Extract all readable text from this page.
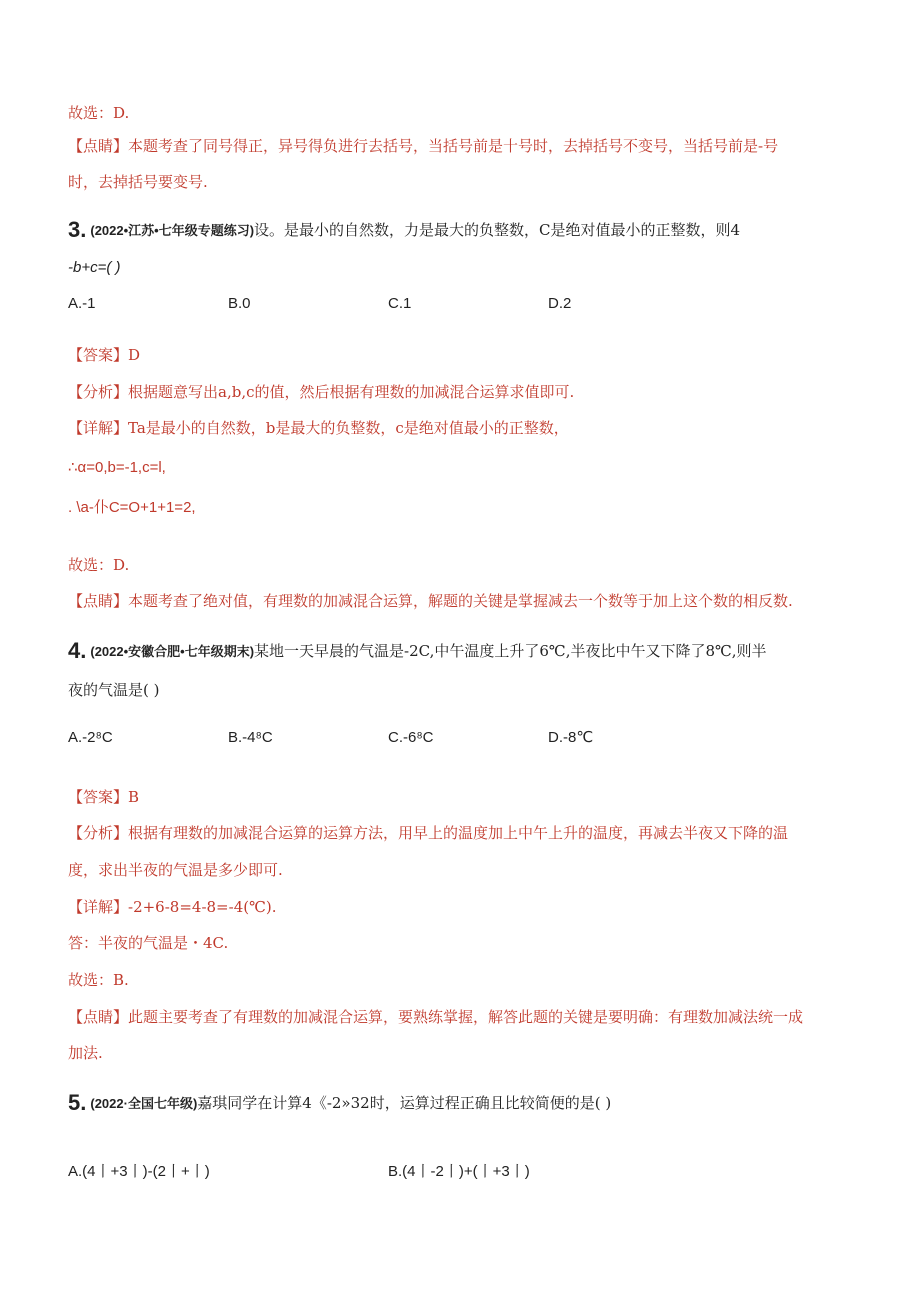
故选：D.
【点睛】本题考查了同号得正，异号得负进行去括号，当括号前是十号时，去掉括号不变号，当括号前是-号
时，去掉括号要变号.
3. (2022•江苏•七年级专题练习)设。是最小的自然数，力是最大的负整数，C是绝对值最小的正整数，则4
-b+c=( )
A.-1	B.0	C.1	D.2
【答案】D
【分析】根据题意写出a,b,c的值，然后根据有理数的加减混合运算求值即可.
【详解】Ta是最小的自然数，b是最大的负整数，c是绝对值最小的正整数，
∴α=0,b=-1,c=l,
. \a-仆C=O+1+1=2,
故选：D.
【点睛】本题考查了绝对值，有理数的加减混合运算，解题的关键是掌握减去一个数等于加上这个数的相反数.
4. (2022•安徽合肥•七年级期末)某地一天早晨的气温是-2C,中午温度上升了6℃,半夜比中午又下降了8℃,则半
夜的气温是( )
A.-2⁸C	B.-4⁸C	C.-6⁸C	D.-8℃
【答案】B
【分析】根据有理数的加减混合运算的运算方法，用早上的温度加上中午上升的温度，再减去半夜又下降的温
度，求出半夜的气温是多少即可.
【详解】-2+6-8=4-8=-4(℃).
答：半夜的气温是・4C.
故选：B.
【点睛】此题主要考查了有理数的加减混合运算，要熟练掌握，解答此题的关键是要明确：有理数加减法统一成
加法.
5. (2022·全国七年级)嘉琪同学在计算4《-2»32时，运算过程正确且比较简便的是( )
A.(4丨+3丨)-(2丨+丨)	B.(4丨-2丨)+(丨+3丨)
